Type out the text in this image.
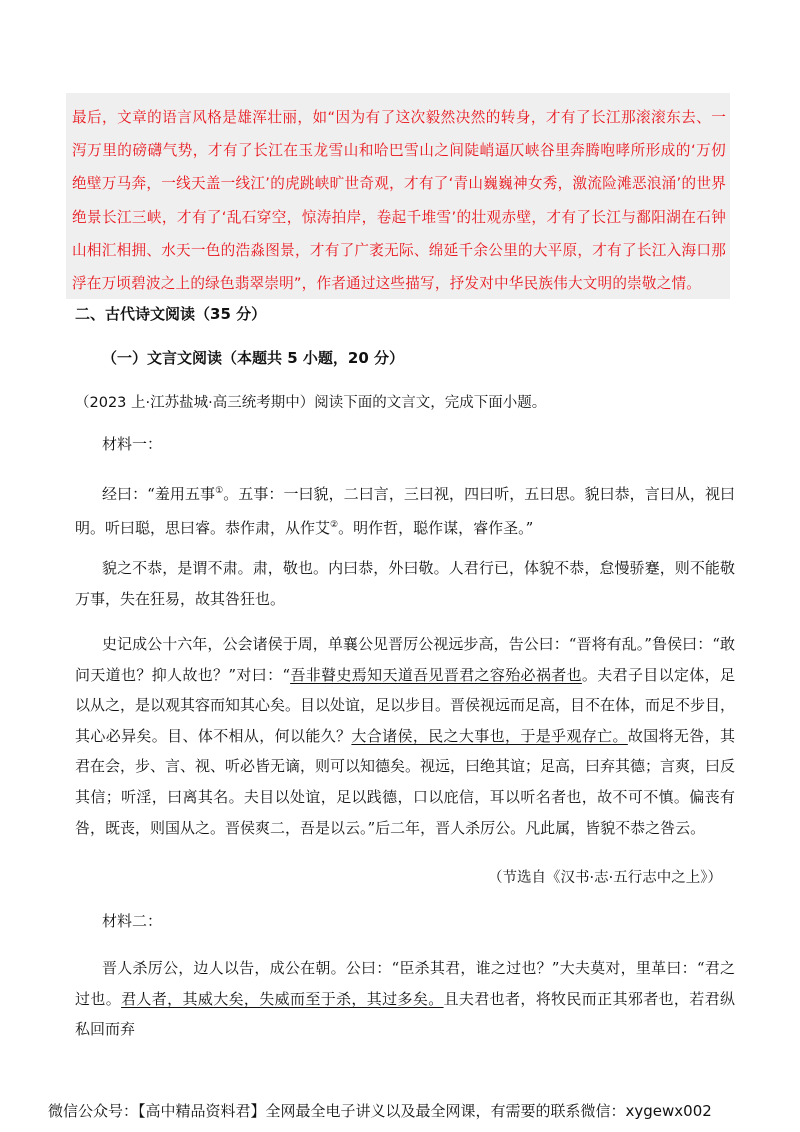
最后，文章的语言风格是雄浑壮丽，如“因为有了这次毅然决然的转身，才有了长江那滚滚东去、一泻万里的磅礴气势，才有了长江在玉龙雪山和哈巴雪山之间陡峭逼仄峡谷里奔腾咆哮所形成的‘万仞绝壁万马奔，一线天盖一线江’的虎跳峡旷世奇观，才有了‘青山巍巍神女秀，激流险滩恶浪涌’的世界绝景长江三峡，才有了‘乱石穿空，惊涛拍岸，卷起千堆雪’的壮观赤壁，才有了长江与鄱阳湖在石钟山相汇相拥、水天一色的浩淼图景，才有了广袤无际、绵延千余公里的大平原，才有了长江入海口那浮在万顷碧波之上的绿色翡翠崇明”，作者通过这些描写，抒发对中华民族伟大文明的崇敬之情。

二、古代诗文阅读（35 分）
（一）文言文阅读（本题共 5 小题，20 分）
（2023 上·江苏盐城·高三统考期中）阅读下面的文言文，完成下面小题。
材料一：

经曰：“羞用五事①。五事：一曰貌，二曰言，三曰视，四曰听，五曰思。貌曰恭，言曰从，视曰明。听曰聪，思曰睿。恭作肃，从作艾②。明作哲，聪作谋，睿作圣。”

貌之不恭，是谓不肃。肃，敬也。内曰恭，外曰敬。人君行已，体貌不恭，怠慢骄蹇，则不能敬万事，失在狂易，故其咎狂也。

史记成公十六年，公会诸侯于周，单襄公见晋厉公视远步高，告公曰：“晋将有乱。”鲁侯曰：“敢问天道也？抑人故也？”对曰：“吾非瞽史焉知天道吾见晋君之容殆必祸者也。夫君子目以定体，足以从之，是以观其容而知其心矣。目以处谊，足以步目。晋侯视远而足高，目不在体，而足不步目，其心必异矣。目、体不相从，何以能久？大合诸侯，民之大事也，于是乎观存亡。故国将无咎，其君在会，步、言、视、听必皆无谪，则可以知德矣。视远，曰绝其谊；足高，曰弃其德；言爽，曰反其信；听淫，曰离其名。夫目以处谊，足以践德，口以庇信，耳以听名者也，故不可不慎。偏丧有咎，既丧，则国从之。晋侯爽二，吾是以云。”后二年，晋人杀厉公。凡此属，皆貌不恭之咎云。

（节选自《汉书·志·五行志中之上》）
材料二：

晋人杀厉公，边人以告，成公在朝。公曰：“臣杀其君，谁之过也？”大夫莫对，里革曰：“君之过也。君人者，其威大矣，失威而至于杀，其过多矣。且夫君也者，将牧民而正其邪者也，若君纵私回而弃

微信公众号：【高中精品资料君】全网最全电子讲义以及最全网课，有需要的联系微信：xygewx002
